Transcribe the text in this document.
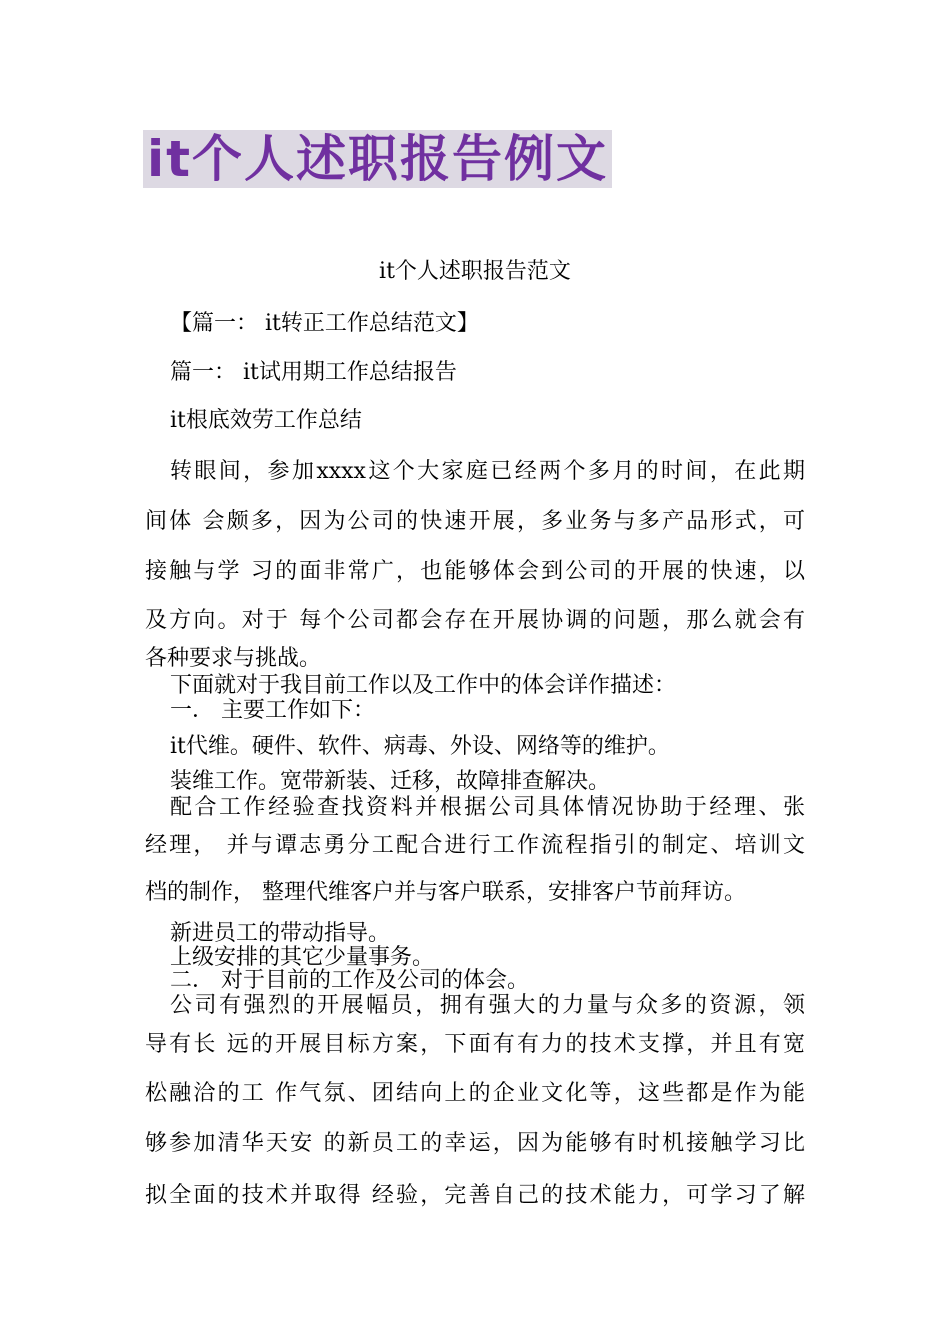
it个人述职报告例文
it个人述职报告范文
【篇一： it转正工作总结范文】
篇一： it试用期工作总结报告
it根底效劳工作总结
转眼间，参加xxxx这个大家庭已经两个多月的时间，在此期
间体 会颇多，因为公司的快速开展，多业务与多产品形式，可
接触与学 习的面非常广，也能够体会到公司的开展的快速，以
及方向。对于 每个公司都会存在开展协调的问题，那么就会有
各种要求与挑战。
下面就对于我目前工作以及工作中的体会详作描述：
一． 主要工作如下：
it代维。硬件、软件、病毒、外设、网络等的维护。
装维工作。宽带新装、迁移，故障排查解决。
配合工作经验查找资料并根据公司具体情况协助于经理、张
经理， 并与谭志勇分工配合进行工作流程指引的制定、培训文
档的制作， 整理代维客户并与客户联系，安排客户节前拜访。
新进员工的带动指导。
上级安排的其它少量事务。
二． 对于目前的工作及公司的体会。
公司有强烈的开展幅员，拥有强大的力量与众多的资源，领
导有长 远的开展目标方案，下面有有力的技术支撑，并且有宽
松融洽的工 作气氛、团结向上的企业文化等，这些都是作为能
够参加清华天安 的新员工的幸运，因为能够有时机接触学习比
拟全面的技术并取得 经验，完善自己的技术能力，可学习了解
